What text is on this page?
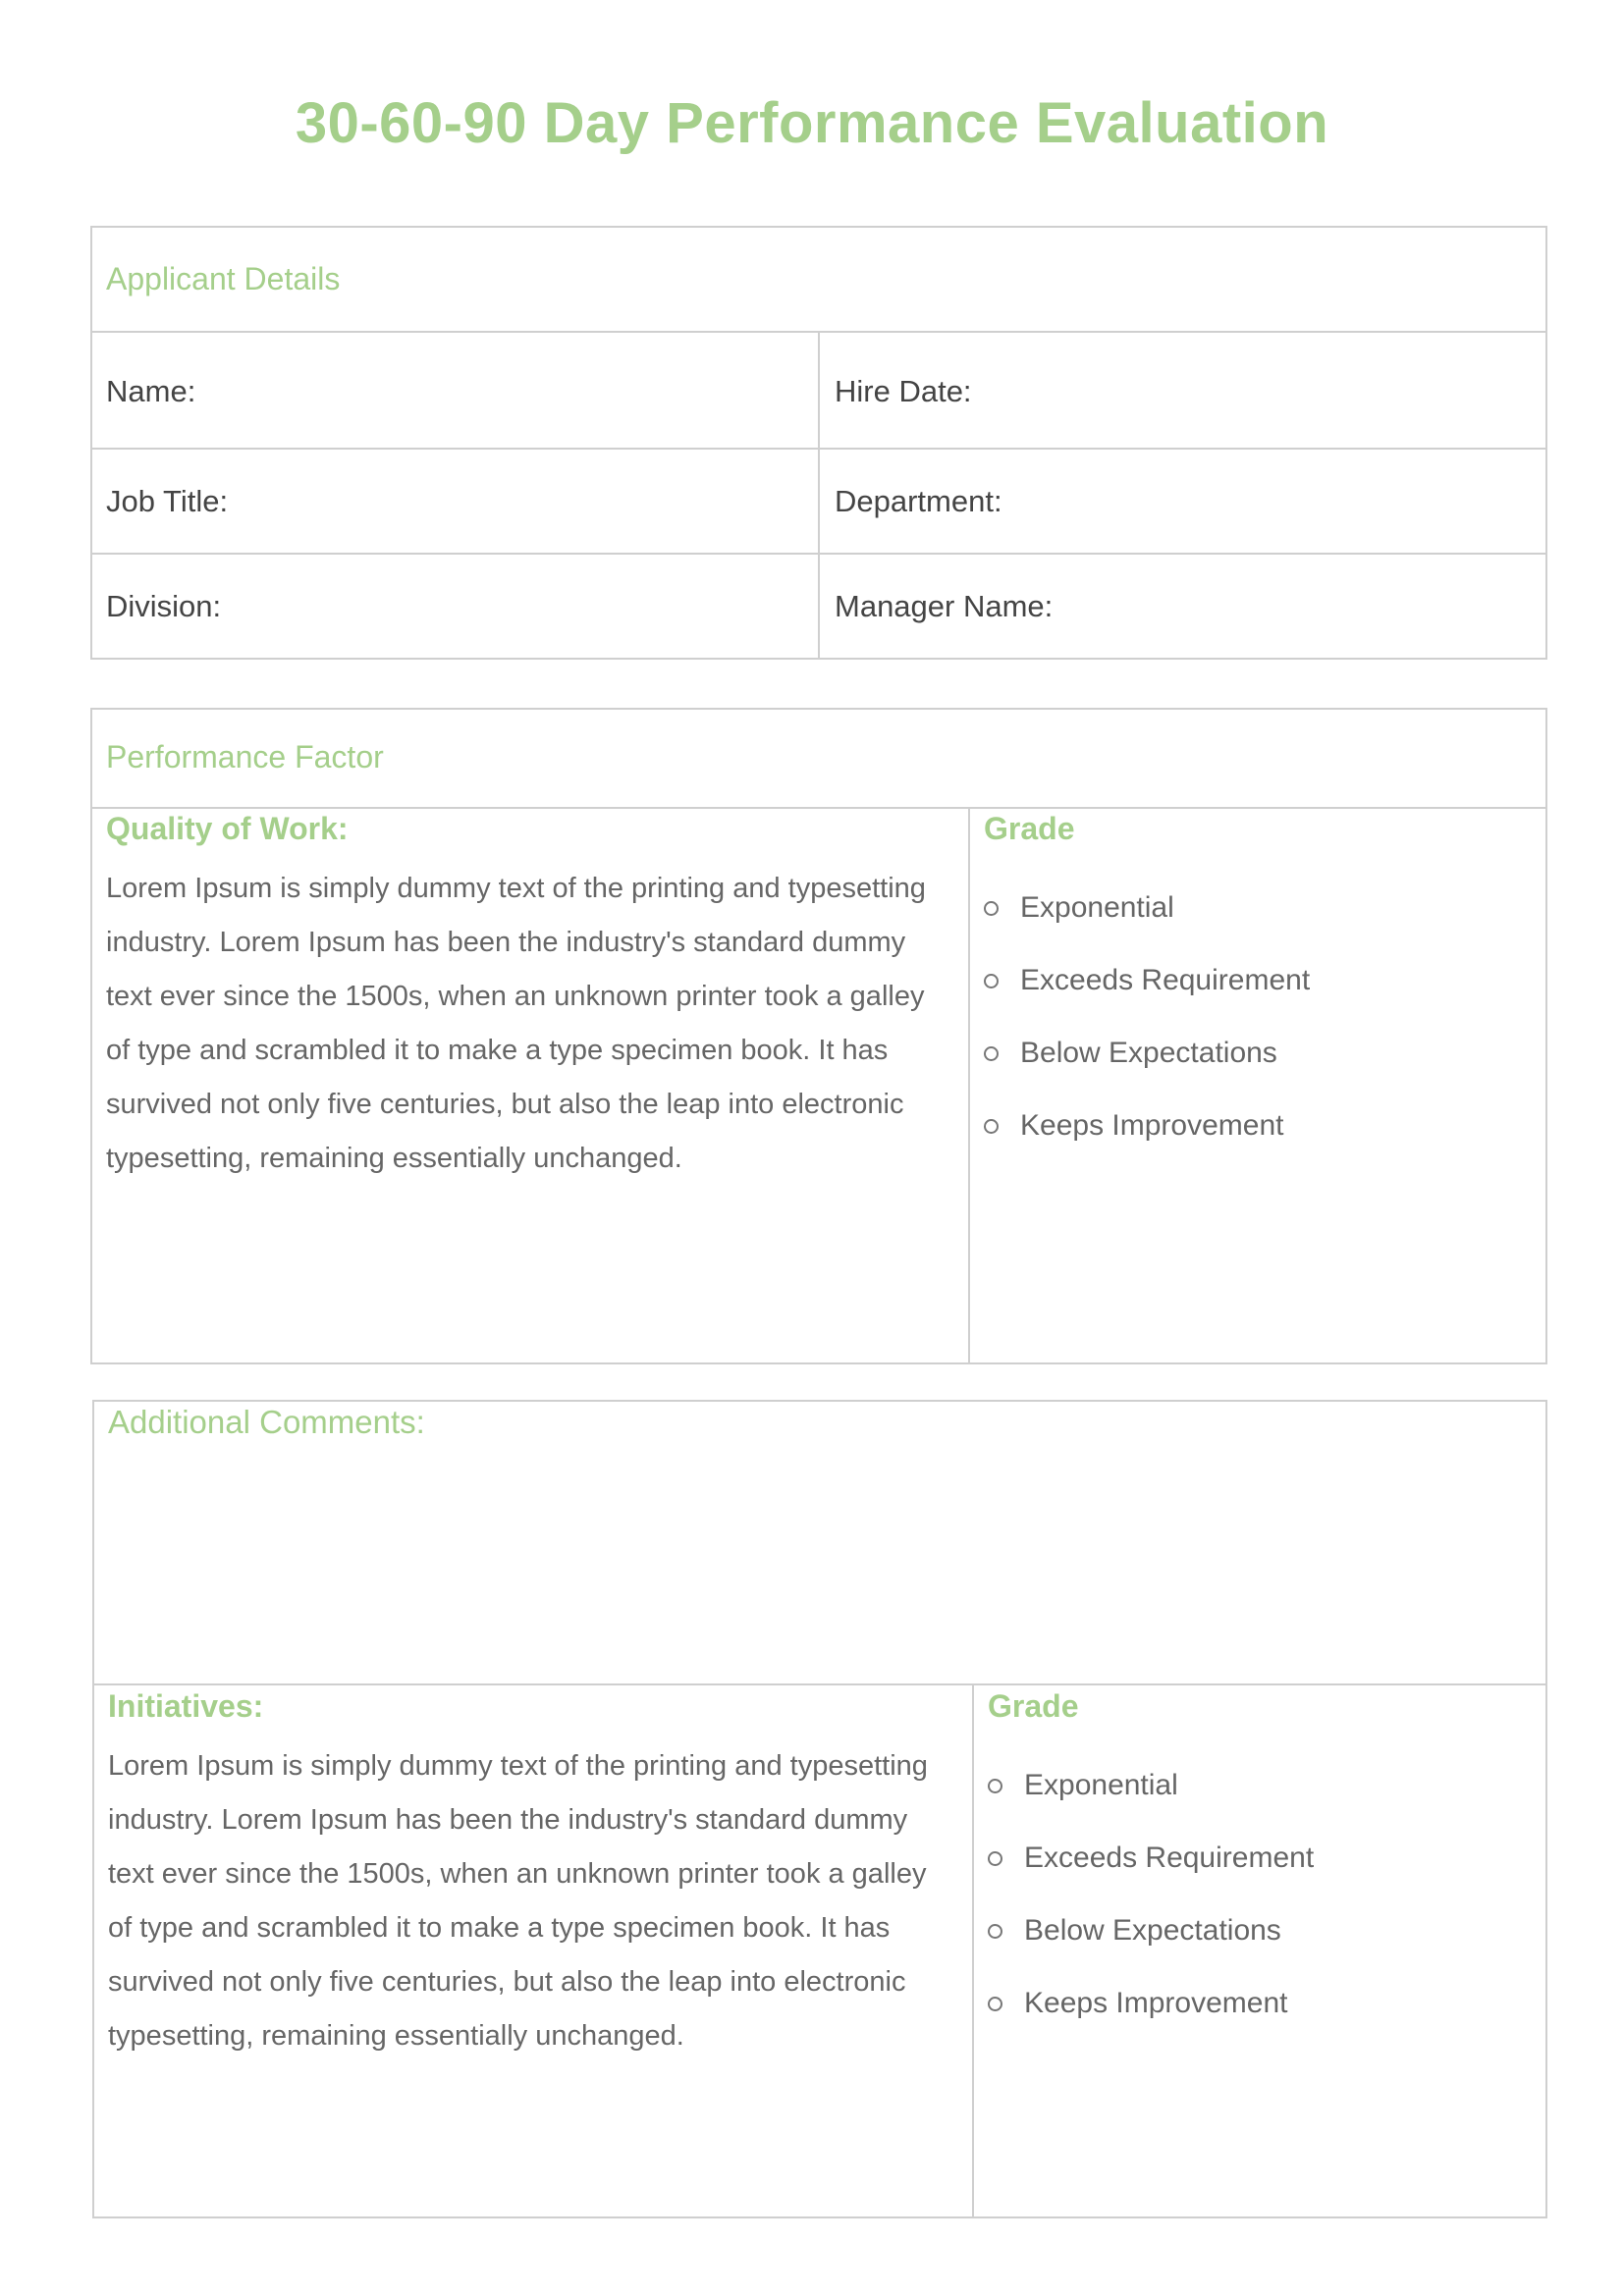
30-60-90 Day Performance Evaluation
Applicant Details
Name:	Hire Date:
Job Title:	Department:
Division:	Manager Name:
Performance Factor
Quality of Work:
Lorem Ipsum is simply dummy text of the printing and typesetting industry. Lorem Ipsum has been the industry's standard dummy text ever since the 1500s, when an unknown printer took a galley of type and scrambled it to make a type specimen book. It has survived not only five centuries, but also the leap into electronic typesetting, remaining essentially unchanged.
Grade
Exponential
Exceeds Requirement
Below Expectations
Keeps Improvement
Additional Comments:
Initiatives:
Lorem Ipsum is simply dummy text of the printing and typesetting industry. Lorem Ipsum has been the industry's standard dummy text ever since the 1500s, when an unknown printer took a galley of type and scrambled it to make a type specimen book. It has survived not only five centuries, but also the leap into electronic typesetting, remaining essentially unchanged.
Grade
Exponential
Exceeds Requirement
Below Expectations
Keeps Improvement
